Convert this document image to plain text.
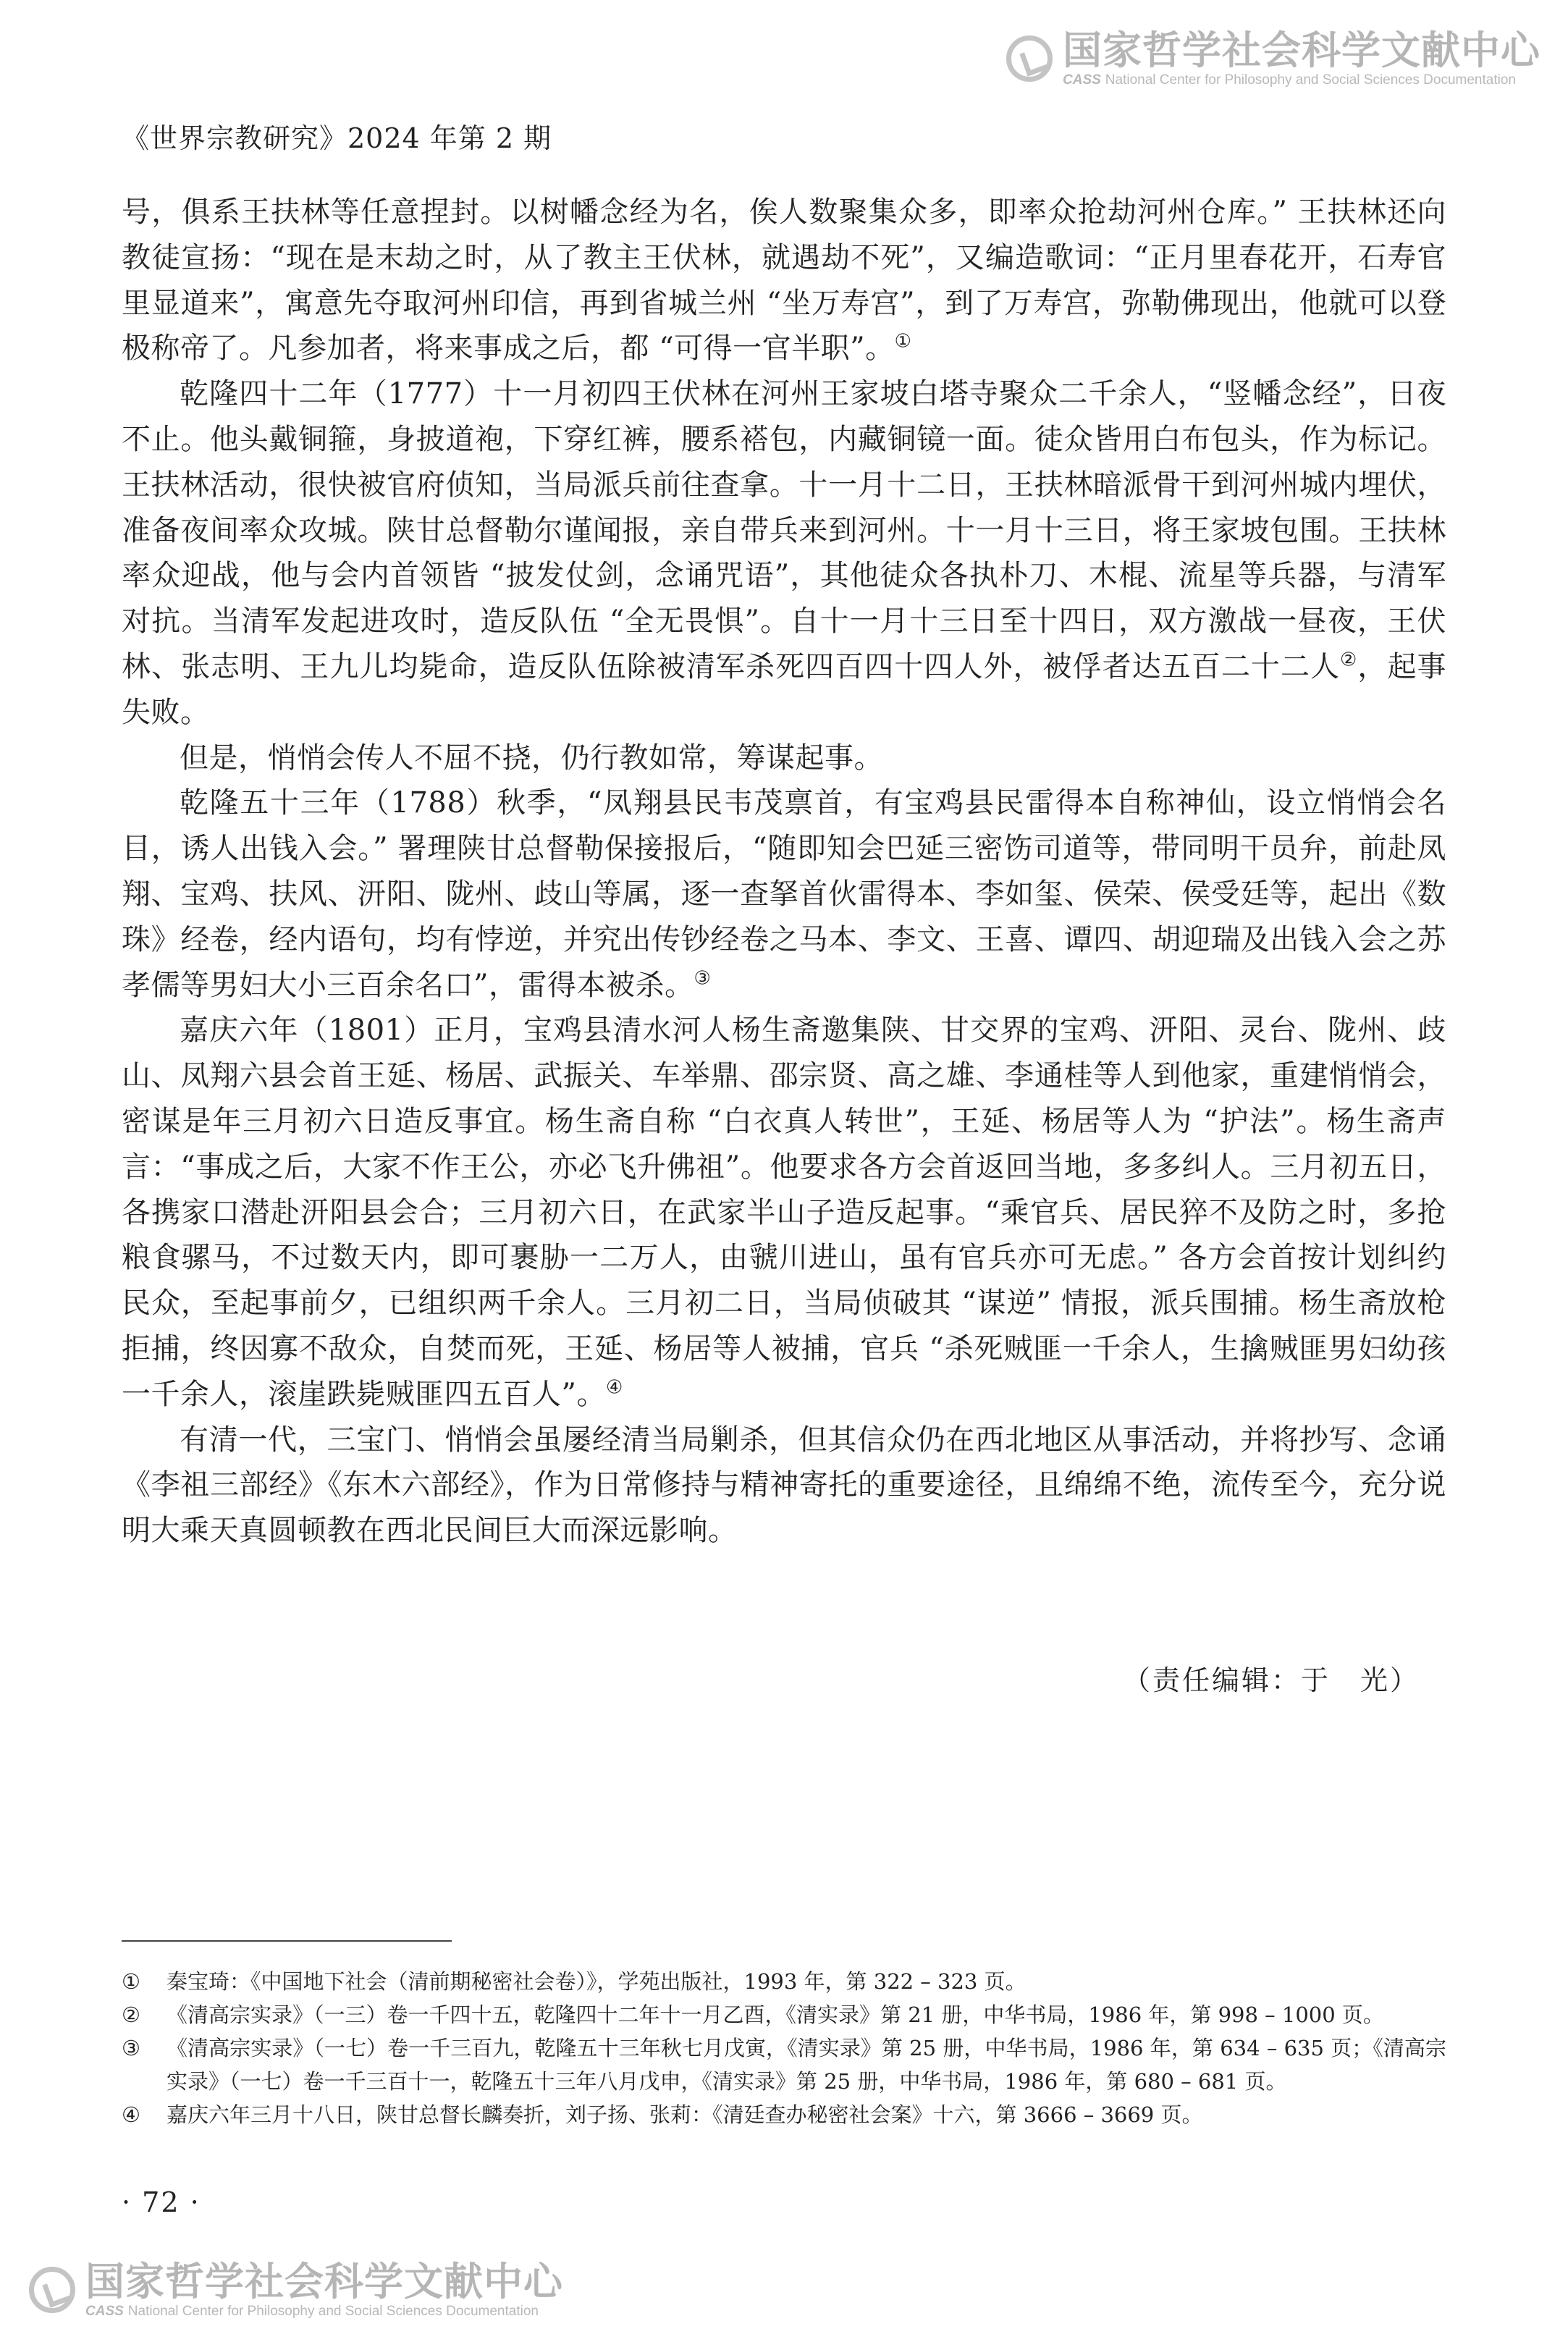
国家哲学社会科学文献中心
CASS National Center for Philosophy and Social Sciences Documentation
《世界宗教研究》2024 年第 2 期

号，俱系王扶林等任意捏封。以树幡念经为名，俟人数聚集众多，即率众抢劫河州仓库。” 王扶林还向教徒宣扬：“现在是末劫之时，从了教主王伏林，就遇劫不死”，又编造歌词：“正月里春花开，石寿官里显道来”，寓意先夺取河州印信，再到省城兰州 “坐万寿宫”，到了万寿宫，弥勒佛现出，他就可以登极称帝了。凡参加者，将来事成之后，都 “可得一官半职”。①

乾隆四十二年（1777）十一月初四王伏林在河州王家坡白塔寺聚众二千余人，“竖幡念经”，日夜不止。他头戴铜箍，身披道袍，下穿红裤，腰系褡包，内藏铜镜一面。徒众皆用白布包头，作为标记。王扶林活动，很快被官府侦知，当局派兵前往查拿。十一月十二日，王扶林暗派骨干到河州城内埋伏，准备夜间率众攻城。陕甘总督勒尔谨闻报，亲自带兵来到河州。十一月十三日，将王家坡包围。王扶林率众迎战，他与会内首领皆 “披发仗剑，念诵咒语”，其他徒众各执朴刀、木棍、流星等兵器，与清军对抗。当清军发起进攻时，造反队伍 “全无畏惧”。自十一月十三日至十四日，双方激战一昼夜，王伏林、张志明、王九儿均毙命，造反队伍除被清军杀死四百四十四人外，被俘者达五百二十二人②，起事失败。

但是，悄悄会传人不屈不挠，仍行教如常，筹谋起事。

乾隆五十三年（1788）秋季，“凤翔县民韦茂禀首，有宝鸡县民雷得本自称神仙，设立悄悄会名目，诱人出钱入会。” 署理陕甘总督勒保接报后，“随即知会巴延三密饬司道等，带同明干员弁，前赴凤翔、宝鸡、扶风、汧阳、陇州、歧山等属，逐一查拏首伙雷得本、李如玺、侯荣、侯受廷等，起出《数珠》经卷，经内语句，均有悖逆，并究出传钞经卷之马本、李文、王喜、谭四、胡迎瑞及出钱入会之苏孝儒等男妇大小三百余名口”，雷得本被杀。③

嘉庆六年（1801）正月，宝鸡县清水河人杨生斋邀集陕、甘交界的宝鸡、汧阳、灵台、陇州、歧山、凤翔六县会首王延、杨居、武振关、车举鼎、邵宗贤、高之雄、李通桂等人到他家，重建悄悄会，密谋是年三月初六日造反事宜。杨生斋自称 “白衣真人转世”，王延、杨居等人为 “护法”。杨生斋声言：“事成之后，大家不作王公，亦必飞升佛祖”。他要求各方会首返回当地，多多纠人。三月初五日，各携家口潜赴汧阳县会合；三月初六日，在武家半山子造反起事。“乘官兵、居民猝不及防之时，多抢粮食骡马，不过数天内，即可裹胁一二万人，由虢川进山，虽有官兵亦可无虑。” 各方会首按计划纠约民众，至起事前夕，已组织两千余人。三月初二日，当局侦破其 “谋逆” 情报，派兵围捕。杨生斋放枪拒捕，终因寡不敌众，自焚而死，王延、杨居等人被捕，官兵 “杀死贼匪一千余人，生擒贼匪男妇幼孩一千余人，滚崖跌毙贼匪四五百人”。④

有清一代，三宝门、悄悄会虽屡经清当局剿杀，但其信众仍在西北地区从事活动，并将抄写、念诵《李祖三部经》《东木六部经》，作为日常修持与精神寄托的重要途径，且绵绵不绝，流传至今，充分说明大乘天真圆顿教在西北民间巨大而深远影响。

（责任编辑：于　光）
①	秦宝琦：《中国地下社会（清前期秘密社会卷）》，学苑出版社，1993 年，第 322 – 323 页。
②	《清高宗实录》（一三）卷一千四十五，乾隆四十二年十一月乙酉，《清实录》第 21 册，中华书局，1986 年，第 998 – 1000 页。
③	《清高宗实录》（一七）卷一千三百九，乾隆五十三年秋七月戊寅，《清实录》第 25 册，中华书局，1986 年，第 634 – 635 页；《清高宗实录》（一七）卷一千三百十一，乾隆五十三年八月戊申，《清实录》第 25 册，中华书局，1986 年，第 680 – 681 页。
④	嘉庆六年三月十八日，陕甘总督长麟奏折，刘子扬、张莉：《清廷查办秘密社会案》十六，第 3666 – 3669 页。
· 72 ·
国家哲学社会科学文献中心
CASS National Center for Philosophy and Social Sciences Documentation
